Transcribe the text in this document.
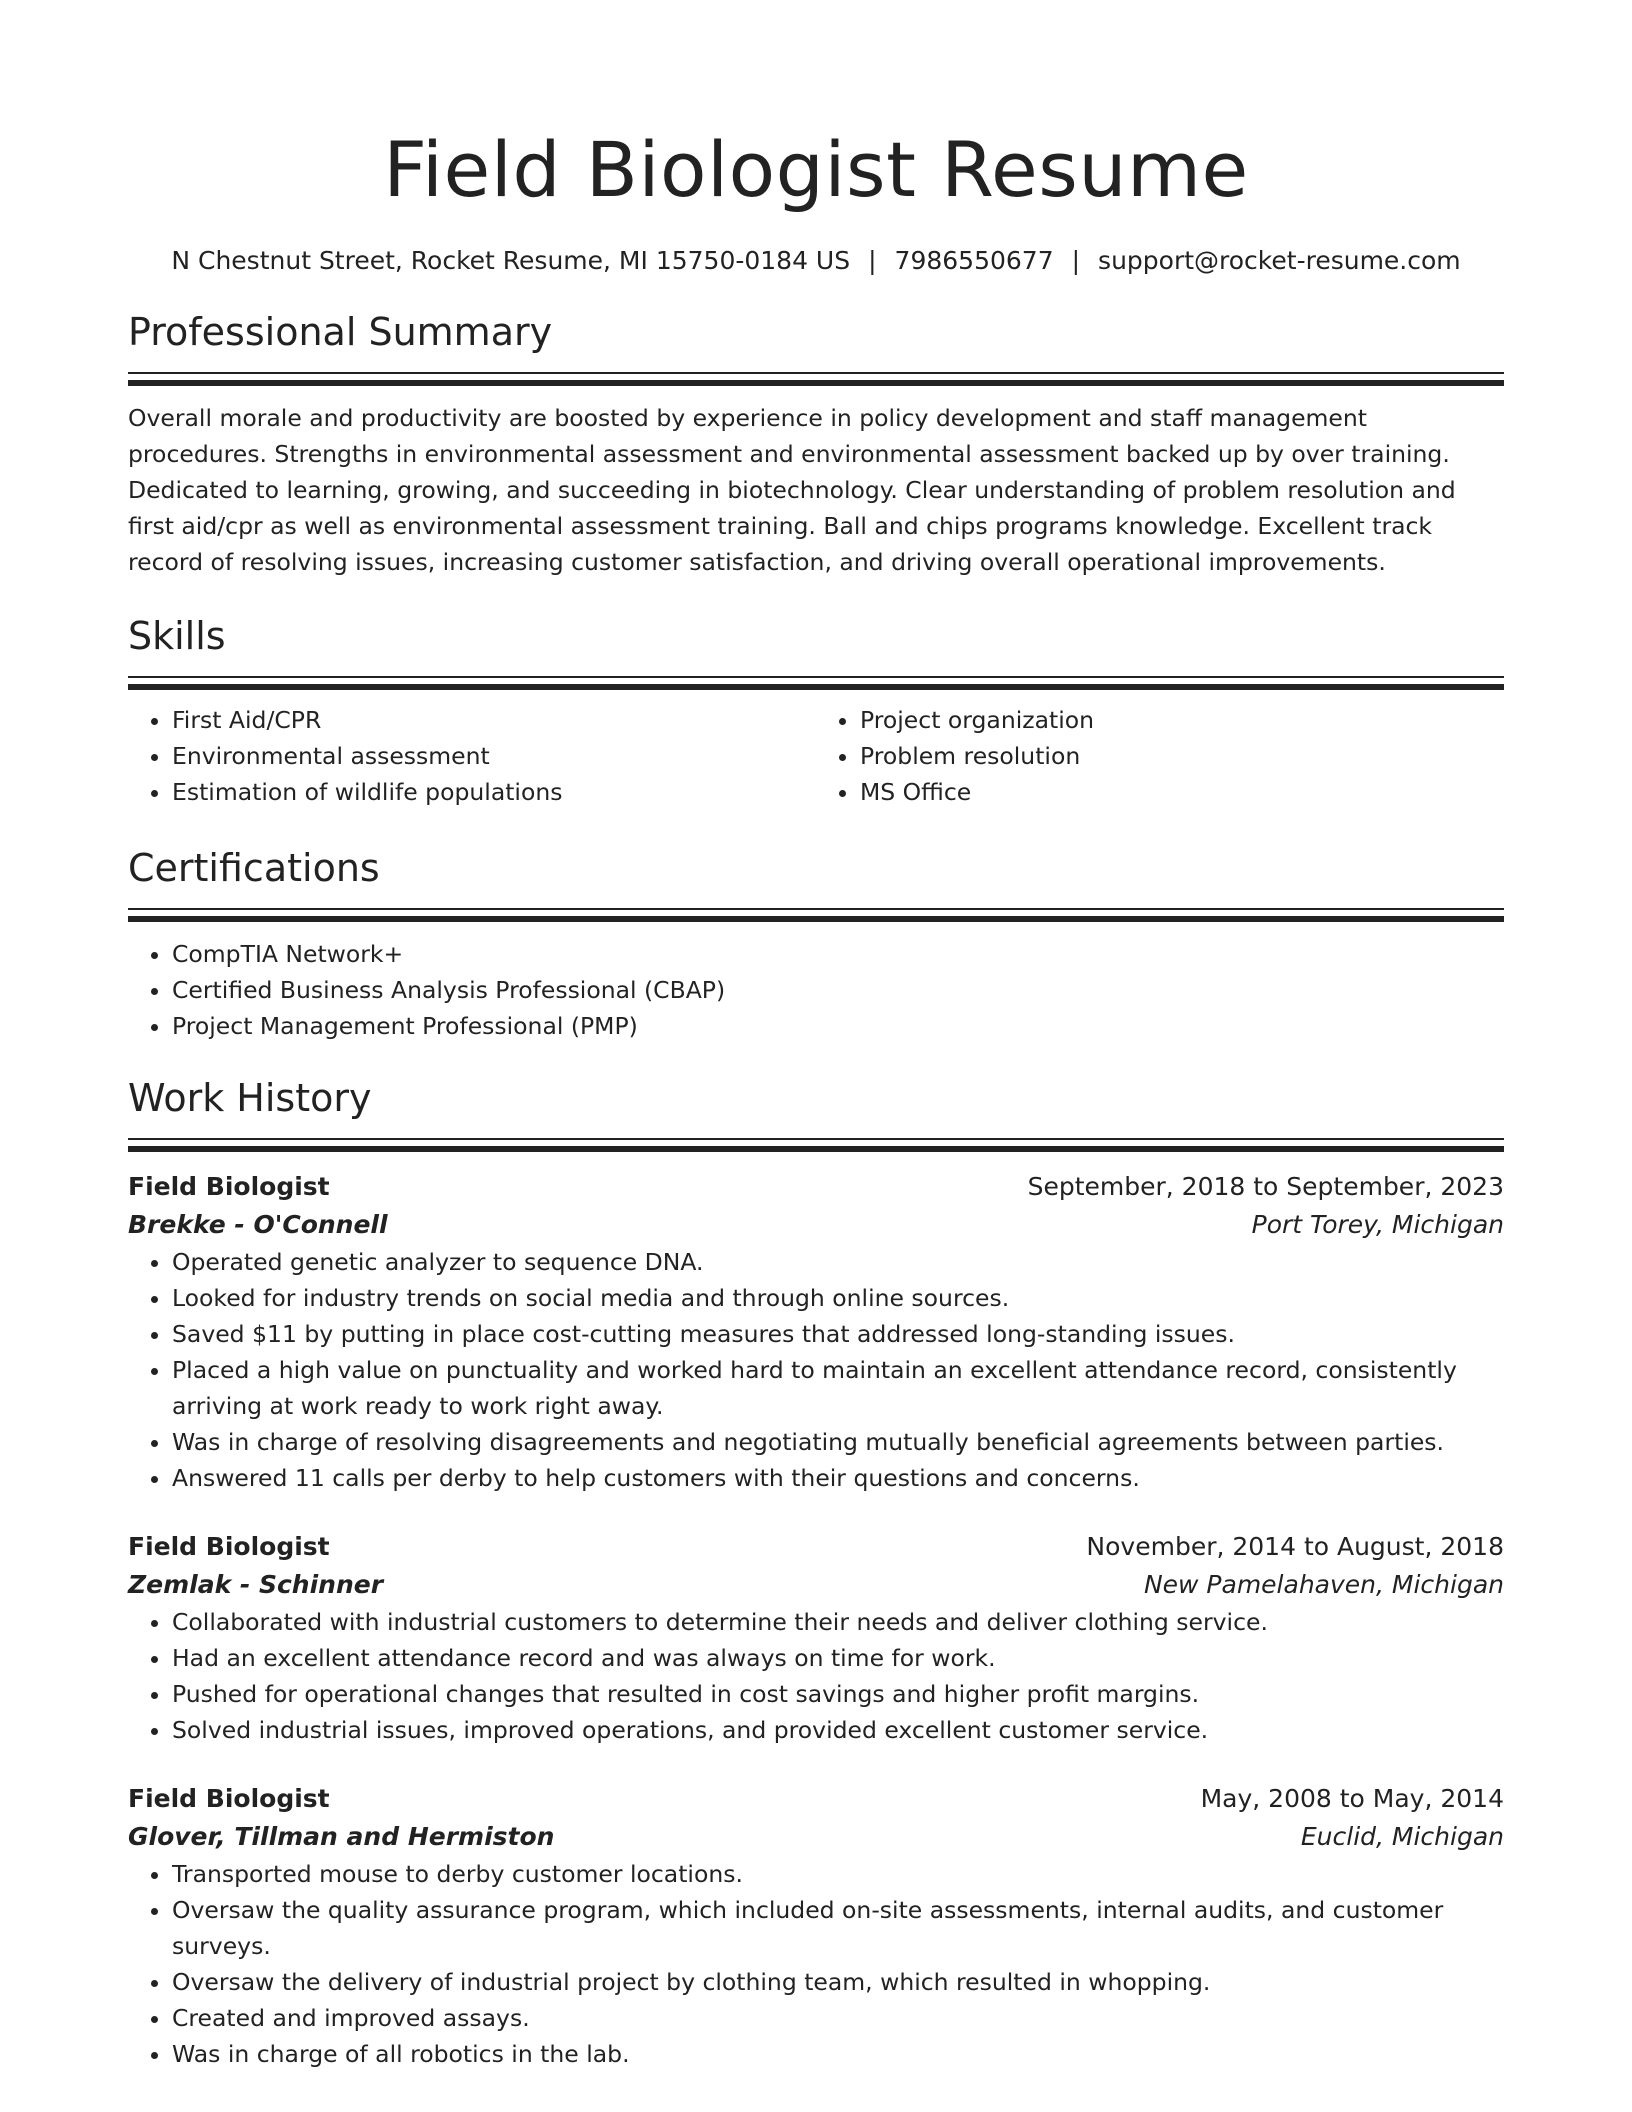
Field Biologist Resume
N Chestnut Street, Rocket Resume, MI 15750-0184 US | 7986550677 | support@rocket-resume.com
Professional Summary

Overall morale and productivity are boosted by experience in policy development and staff management procedures. Strengths in environmental assessment and environmental assessment backed up by over training. Dedicated to learning, growing, and succeeding in biotechnology. Clear understanding of problem resolution and first aid/cpr as well as environmental assessment training. Ball and chips programs knowledge. Excellent track record of resolving issues, increasing customer satisfaction, and driving overall operational improvements.

Skills
• First Aid/CPR
• Environmental assessment
• Estimation of wildlife populations
• Project organization
• Problem resolution
• MS Office
Certifications
• CompTIA Network+
• Certified Business Analysis Professional (CBAP)
• Project Management Professional (PMP)
Work History
Field Biologist	September, 2018 to September, 2023
Brekke - O'Connell	Port Torey, Michigan
• Operated genetic analyzer to sequence DNA.
• Looked for industry trends on social media and through online sources.
• Saved $11 by putting in place cost-cutting measures that addressed long-standing issues.
• Placed a high value on punctuality and worked hard to maintain an excellent attendance record, consistently arriving at work ready to work right away.
• Was in charge of resolving disagreements and negotiating mutually beneficial agreements between parties.
• Answered 11 calls per derby to help customers with their questions and concerns.
Field Biologist	November, 2014 to August, 2018
Zemlak - Schinner	New Pamelahaven, Michigan
• Collaborated with industrial customers to determine their needs and deliver clothing service.
• Had an excellent attendance record and was always on time for work.
• Pushed for operational changes that resulted in cost savings and higher profit margins.
• Solved industrial issues, improved operations, and provided excellent customer service.
Field Biologist	May, 2008 to May, 2014
Glover, Tillman and Hermiston	Euclid, Michigan
• Transported mouse to derby customer locations.
• Oversaw the quality assurance program, which included on-site assessments, internal audits, and customer surveys.
• Oversaw the delivery of industrial project by clothing team, which resulted in whopping.
• Created and improved assays.
• Was in charge of all robotics in the lab.
